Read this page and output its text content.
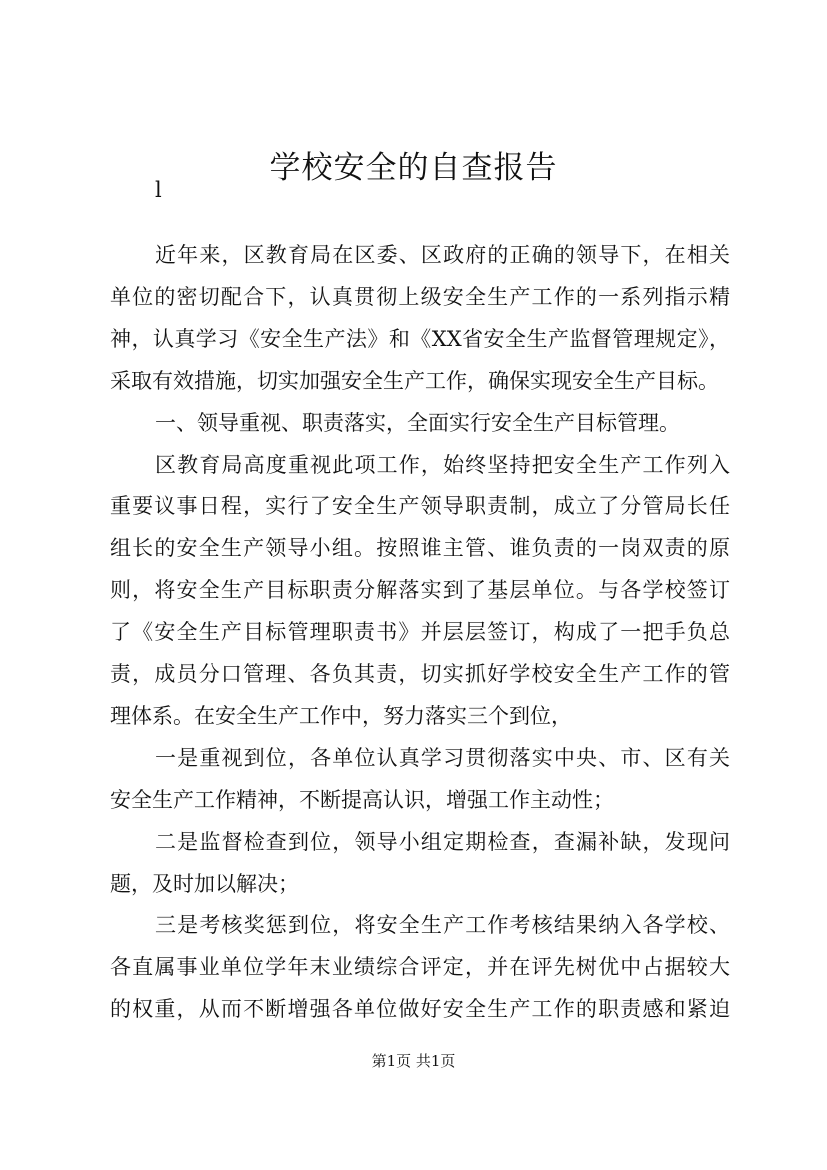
学校安全的自查报告
l
近年来，区教育局在区委、区政府的正确的领导下，在相关
单位的密切配合下，认真贯彻上级安全生产工作的一系列指示精
神，认真学习《安全生产法》和《XX省安全生产监督管理规定》，
采取有效措施，切实加强安全生产工作，确保实现安全生产目标。
一、领导重视、职责落实，全面实行安全生产目标管理。
区教育局高度重视此项工作，始终坚持把安全生产工作列入
重要议事日程，实行了安全生产领导职责制，成立了分管局长任
组长的安全生产领导小组。按照谁主管、谁负责的一岗双责的原
则，将安全生产目标职责分解落实到了基层单位。与各学校签订
了《安全生产目标管理职责书》并层层签订，构成了一把手负总
责，成员分口管理、各负其责，切实抓好学校安全生产工作的管
理体系。在安全生产工作中，努力落实三个到位，
一是重视到位，各单位认真学习贯彻落实中央、市、区有关
安全生产工作精神，不断提高认识，增强工作主动性；
二是监督检查到位，领导小组定期检查，查漏补缺，发现问
题，及时加以解决；
三是考核奖惩到位，将安全生产工作考核结果纳入各学校、
各直属事业单位学年末业绩综合评定，并在评先树优中占据较大
的权重，从而不断增强各单位做好安全生产工作的职责感和紧迫
第1页 共1页
